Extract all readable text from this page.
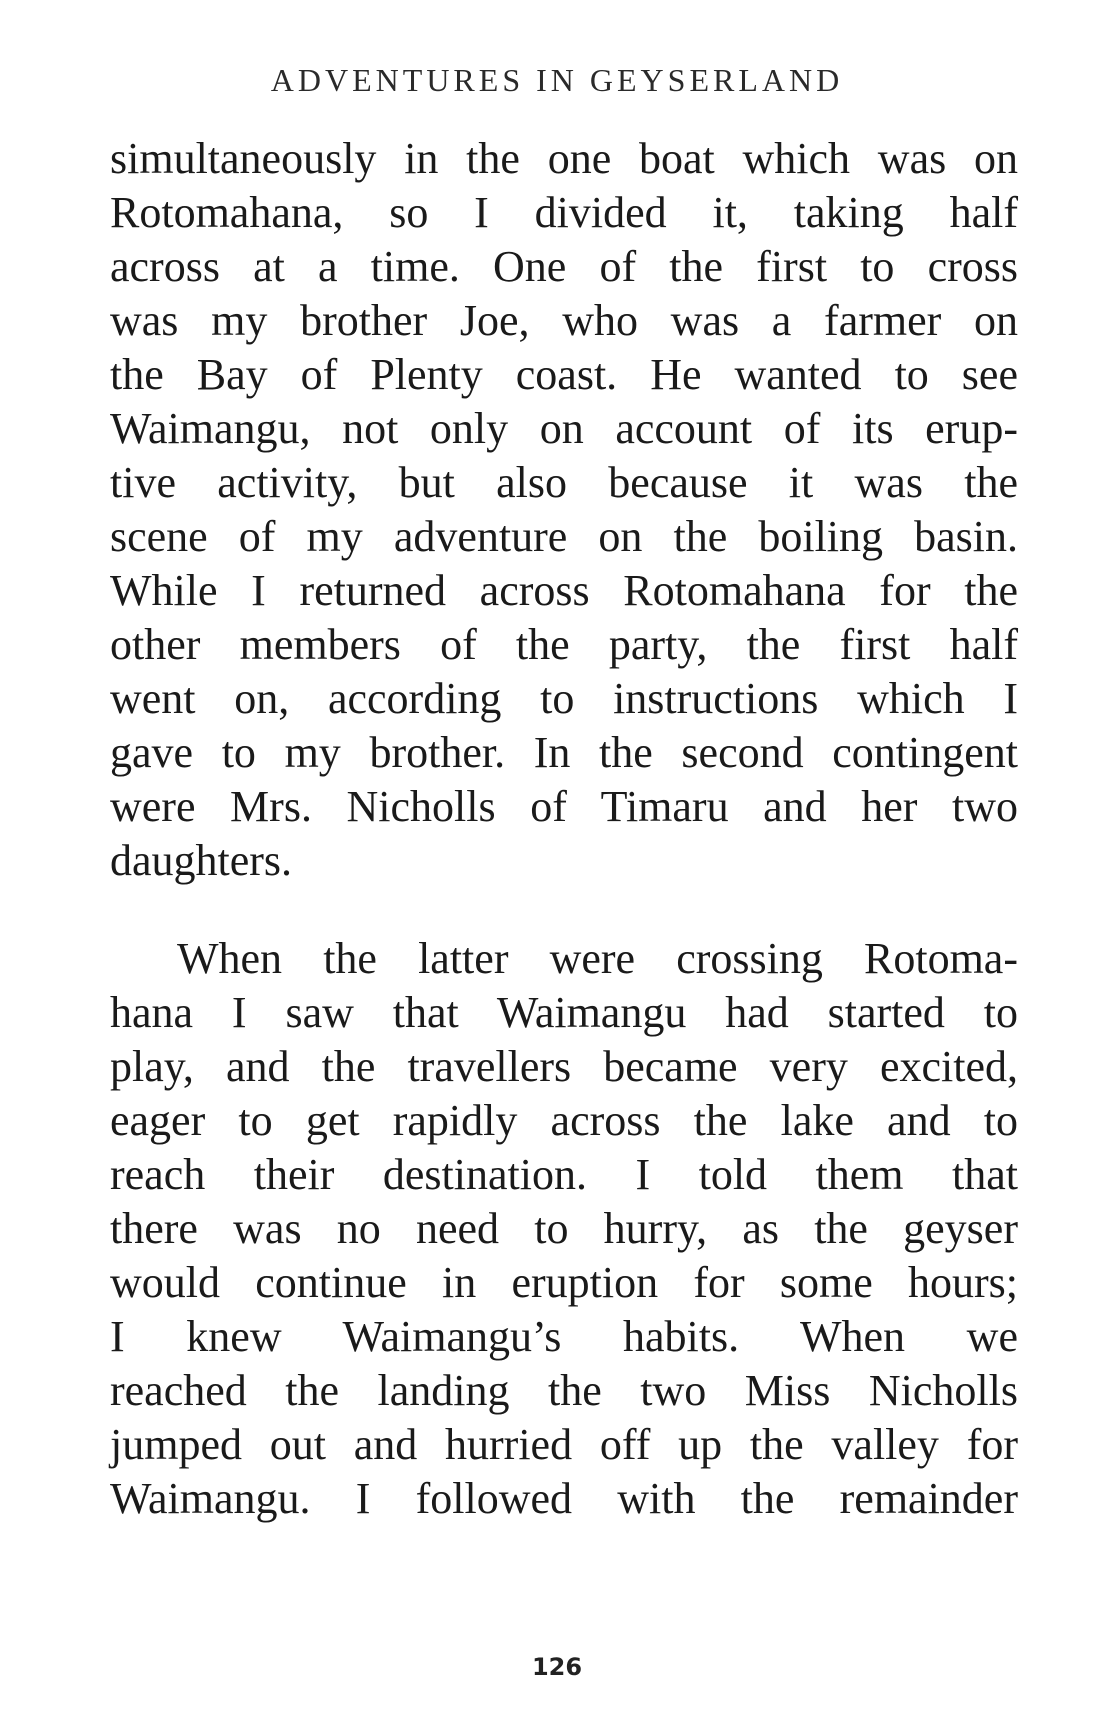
ADVENTURES IN GEYSERLAND
simultaneously in the one boat which was on
Rotomahana, so I divided it, taking half
across at a time. One of the first to cross
was my brother Joe, who was a farmer on
the Bay of Plenty coast. He wanted to see
Waimangu, not only on account of its erup-
tive activity, but also because it was the
scene of my adventure on the boiling basin.
While I returned across Rotomahana for the
other members of the party, the first half
went on, according to instructions which I
gave to my brother. In the second contingent
were Mrs. Nicholls of Timaru and her two
daughters.
When the latter were crossing Rotoma-
hana I saw that Waimangu had started to
play, and the travellers became very excited,
eager to get rapidly across the lake and to
reach their destination. I told them that
there was no need to hurry, as the geyser
would continue in eruption for some hours;
I knew Waimangu’s habits. When we
reached the landing the two Miss Nicholls
jumped out and hurried off up the valley for
Waimangu. I followed with the remainder
126
